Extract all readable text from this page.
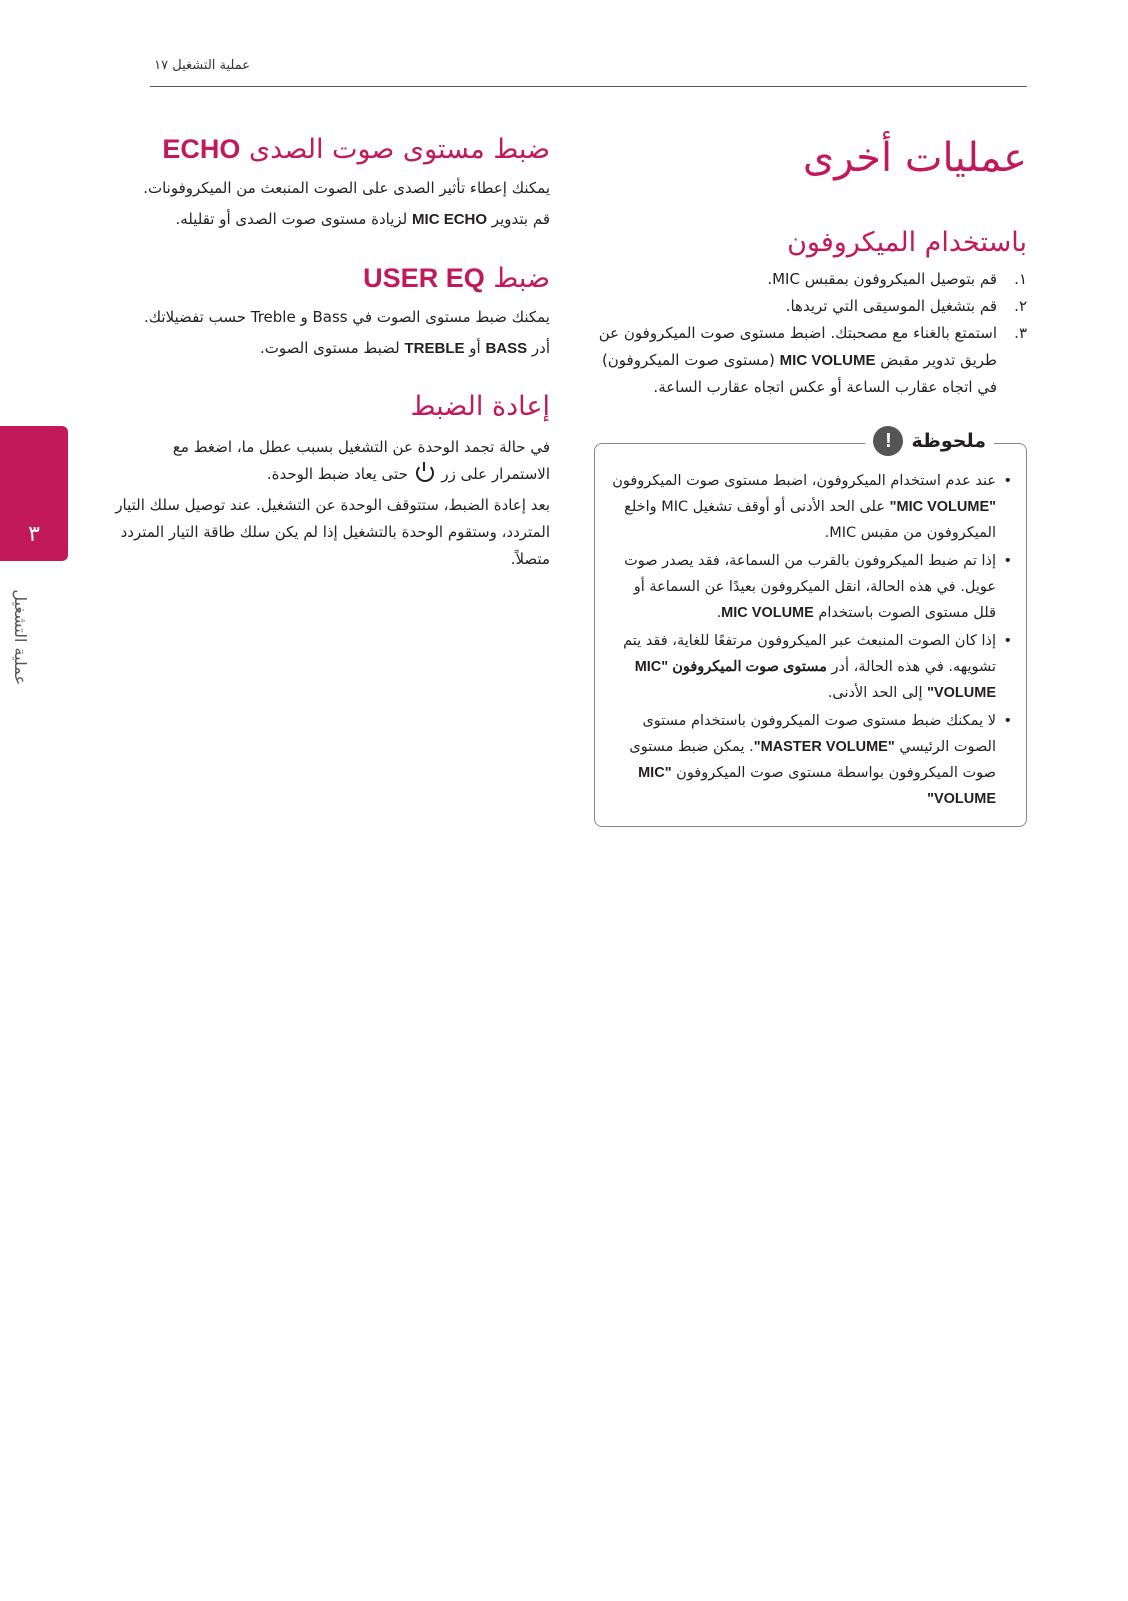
عملية التشغيل ١٧
٣
عملية التشغيل
عمليات أخرى
باستخدام الميكروفون
١.
قم بتوصيل الميكروفون بمقبس MIC.
٢.
قم بتشغيل الموسيقى التي تريدها.
٣.
استمتع بالغناء مع مصحبتك. اضبط مستوى صوت الميكروفون عن طريق تدوير مقبض MIC VOLUME (مستوى صوت الميكروفون) في اتجاه عقارب الساعة أو عكس اتجاه عقارب الساعة.
!	ملحوظة
• عند عدم استخدام الميكروفون، اضبط مستوى صوت الميكروفون "MIC VOLUME" على الحد الأدنى أو أوقف تشغيل MIC واخلع الميكروفون من مقبس MIC.
• إذا تم ضبط الميكروفون بالقرب من السماعة، فقد يصدر صوت عويل. في هذه الحالة، انقل الميكروفون بعيدًا عن السماعة أو قلل مستوى الصوت باستخدام MIC VOLUME.
• إذا كان الصوت المنبعث عبر الميكروفون مرتفعًا للغاية، فقد يتم تشويهه. في هذه الحالة، أدر مستوى صوت الميكروفون "MIC VOLUME" إلى الحد الأدنى.
• لا يمكنك ضبط مستوى صوت الميكروفون باستخدام مستوى الصوت الرئيسي "MASTER VOLUME". يمكن ضبط مستوى صوت الميكروفون بواسطة مستوى صوت الميكروفون "MIC VOLUME"
ضبط مستوى صوت الصدى ECHO

يمكنك إعطاء تأثير الصدى على الصوت المنبعث من الميكروفونات.

قم بتدوير MIC ECHO لزيادة مستوى صوت الصدى أو تقليله.

ضبط USER EQ

يمكنك ضبط مستوى الصوت في Bass و Treble حسب تفضيلاتك.

أدر BASS أو TREBLE لضبط مستوى الصوت.

إعادة الضبط

في حالة تجمد الوحدة عن التشغيل بسبب عطل ما، اضغط مع الاستمرار على زر  حتى يعاد ضبط الوحدة.

بعد إعادة الضبط، ستتوقف الوحدة عن التشغيل. عند توصيل سلك التيار المتردد، وستقوم الوحدة بالتشغيل إذا لم يكن سلك طاقة التيار المتردد متصلاً.
